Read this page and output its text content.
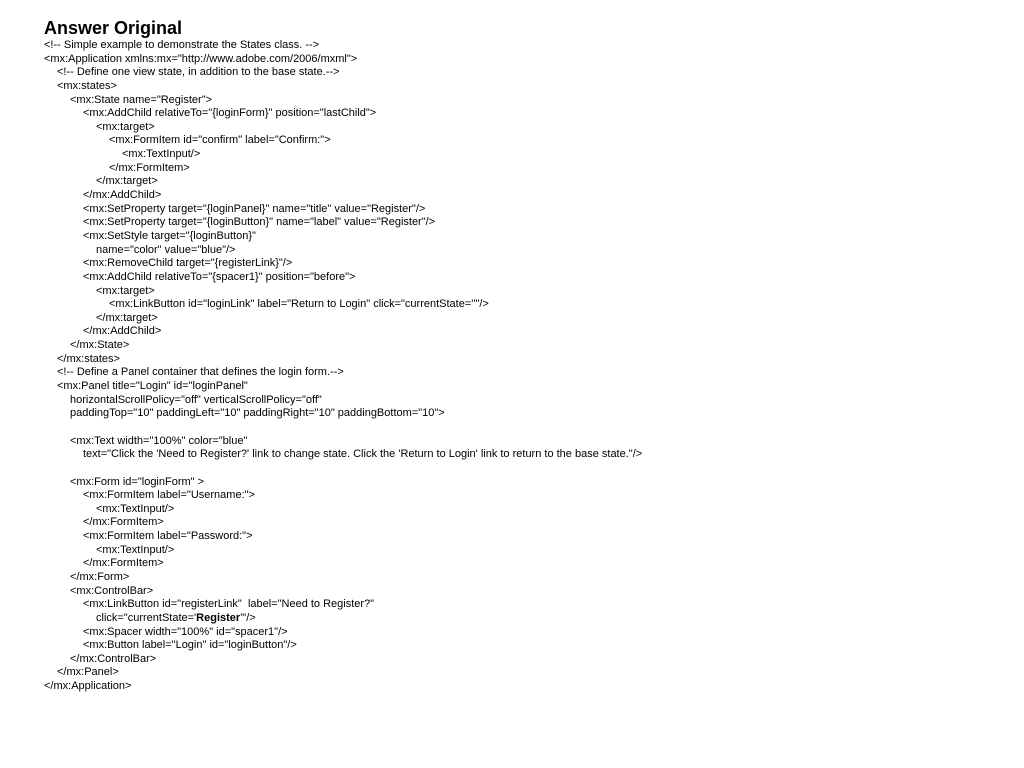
Answer Original
<!-- Simple example to demonstrate the States class. -->
<mx:Application xmlns:mx="http://www.adobe.com/2006/mxml">
<!-- Define one view state, in addition to the base state.-->
<mx:states>
<mx:State name="Register">
<mx:AddChild relativeTo="{loginForm}" position="lastChild">
<mx:target>
<mx:FormItem id="confirm" label="Confirm:">
<mx:TextInput/>
</mx:FormItem>
</mx:target>
</mx:AddChild>
<mx:SetProperty target="{loginPanel}" name="title" value="Register"/>
<mx:SetProperty target="{loginButton}" name="label" value="Register"/>
<mx:SetStyle target="{loginButton}"
name="color" value="blue"/>
<mx:RemoveChild target="{registerLink}"/>
<mx:AddChild relativeTo="{spacer1}" position="before">
<mx:target>
<mx:LinkButton id="loginLink" label="Return to Login" click="currentState=''"/>
</mx:target>
</mx:AddChild>
</mx:State>
</mx:states>
<!-- Define a Panel container that defines the login form.-->
<mx:Panel title="Login" id="loginPanel"
horizontalScrollPolicy="off" verticalScrollPolicy="off"
paddingTop="10" paddingLeft="10" paddingRight="10" paddingBottom="10">
<mx:Text width="100%" color="blue"
text="Click the 'Need to Register?' link to change state. Click the 'Return to Login' link to return to the base state."/>
<mx:Form id="loginForm" >
<mx:FormItem label="Username:">
<mx:TextInput/>
</mx:FormItem>
<mx:FormItem label="Password:">
<mx:TextInput/>
</mx:FormItem>
</mx:Form>
<mx:ControlBar>
<mx:LinkButton id="registerLink"  label="Need to Register?"
click="currentState='Register'"/>
<mx:Spacer width="100%" id="spacer1"/>
<mx:Button label="Login" id="loginButton"/>
</mx:ControlBar>
</mx:Panel>
</mx:Application>
